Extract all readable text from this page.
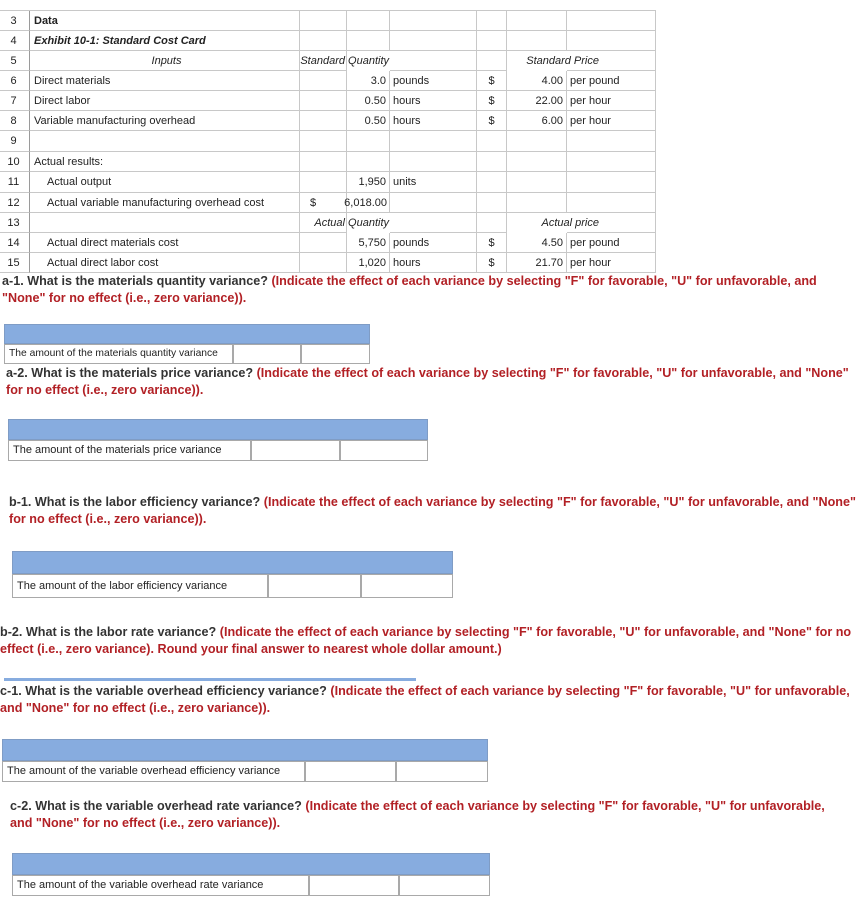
3	Data
4	Exhibit 10-1: Standard Cost Card
5	Inputs	Standard Quantity	Standard Price
6	Direct materials	3.0 pounds	$	4.00 per pound
7	Direct labor	0.50 hours	$	22.00 per hour
8	Variable manufacturing overhead	0.50 hours	$	6.00 per hour
9
10	Actual results:
11	Actual output	1,950 units
12	Actual variable manufacturing overhead cost	$	6,018.00
13	Actual Quantity	Actual price
14	Actual direct materials cost	5,750 pounds	$	4.50 per pound
15	Actual direct labor cost	1,020 hours	$	21.70 per hour
a-1. What is the materials quantity variance? (Indicate the effect of each variance by selecting "F" for favorable, "U" for unfavorable, and "None" for no effect (i.e., zero variance)).
The amount of the materials quantity variance
a-2. What is the materials price variance? (Indicate the effect of each variance by selecting "F" for favorable, "U" for unfavorable, and "None" for no effect (i.e., zero variance)).
The amount of the materials price variance
b-1. What is the labor efficiency variance? (Indicate the effect of each variance by selecting "F" for favorable, "U" for unfavorable, and "None" for no effect (i.e., zero variance)).
The amount of the labor efficiency variance
b-2. What is the labor rate variance? (Indicate the effect of each variance by selecting "F" for favorable, "U" for unfavorable, and "None" for no effect (i.e., zero variance). Round your final answer to nearest whole dollar amount.)
c-1. What is the variable overhead efficiency variance? (Indicate the effect of each variance by selecting "F" for favorable, "U" for unfavorable, and "None" for no effect (i.e., zero variance)).
The amount of the variable overhead efficiency variance
c-2. What is the variable overhead rate variance? (Indicate the effect of each variance by selecting "F" for favorable, "U" for unfavorable, and "None" for no effect (i.e., zero variance)).
The amount of the variable overhead rate variance
